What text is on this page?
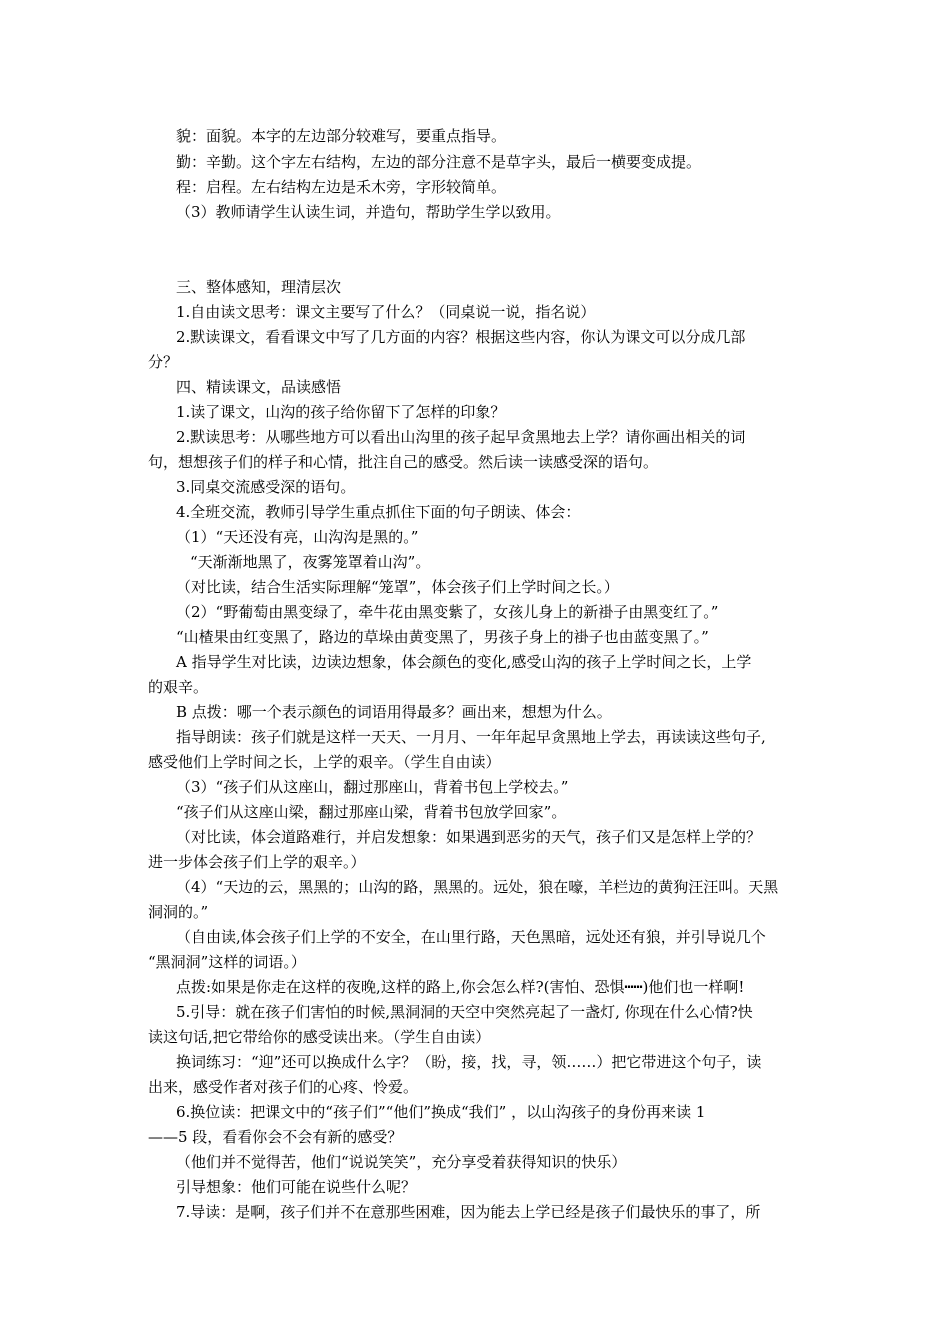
貌：面貌。本字的左边部分较难写，要重点指导。
勤：辛勤。这个字左右结构，左边的部分注意不是草字头，最后一横要变成提。
程：启程。左右结构左边是禾木旁，字形较简单。
（3）教师请学生认读生词，并造句，帮助学生学以致用。
三、整体感知，理清层次
1.自由读文思考：课文主要写了什么？（同桌说一说，指名说）
2.默读课文，看看课文中写了几方面的内容？根据这些内容，你认为课文可以分成几部
分？
四、精读课文，品读感悟
1.读了课文，山沟的孩子给你留下了怎样的印象？
2.默读思考：从哪些地方可以看出山沟里的孩子起早贪黑地去上学？请你画出相关的词
句，想想孩子们的样子和心情，批注自己的感受。然后读一读感受深的语句。
3.同桌交流感受深的语句。
4.全班交流，教师引导学生重点抓住下面的句子朗读、体会：
（1）“天还没有亮，山沟沟是黑的。”
“天渐渐地黑了，夜雾笼罩着山沟”。
（对比读，结合生活实际理解“笼罩”，体会孩子们上学时间之长。）
（2）“野葡萄由黑变绿了，牵牛花由黑变紫了，女孩儿身上的新褂子由黑变红了。”
“山楂果由红变黑了，路边的草垛由黄变黑了，男孩子身上的褂子也由蓝变黑了。”
A 指导学生对比读，边读边想象，体会颜色的变化,感受山沟的孩子上学时间之长，上学
的艰辛。
B 点拨：哪一个表示颜色的词语用得最多？画出来，想想为什么。
指导朗读：孩子们就是这样一天天、一月月、一年年起早贪黑地上学去，再读读这些句子,
感受他们上学时间之长，上学的艰辛。（学生自由读）
（3）“孩子们从这座山，翻过那座山，背着书包上学校去。”
“孩子们从这座山梁，翻过那座山梁，背着书包放学回家”。
（对比读，体会道路难行，并启发想象：如果遇到恶劣的天气，孩子们又是怎样上学的？
进一步体会孩子们上学的艰辛。）
（4）“天边的云，黑黑的；山沟的路，黑黑的。远处，狼在嚎，羊栏边的黄狗汪汪叫。天黑
洞洞的。”
（自由读,体会孩子们上学的不安全，在山里行路，天色黑暗，远处还有狼，并引导说几个
“黑洞洞”这样的词语。）
点拨:如果是你走在这样的夜晚,这样的路上,你会怎么样?(害怕、恐惧┅┅)他们也一样啊!
5.引导：就在孩子们害怕的时候,黑洞洞的天空中突然亮起了一盏灯, 你现在什么心情?快
读这句话,把它带给你的感受读出来。（学生自由读）
换词练习：“迎”还可以换成什么字？（盼，接，找，寻，领……）把它带进这个句子，读
出来，感受作者对孩子们的心疼、怜爱。
6.换位读：把课文中的“孩子们”“他们”换成“我们” ，以山沟孩子的身份再来读 1
——5 段，看看你会不会有新的感受？
（他们并不觉得苦，他们“说说笑笑”，充分享受着获得知识的快乐）
引导想象：他们可能在说些什么呢？
7.导读：是啊，孩子们并不在意那些困难，因为能去上学已经是孩子们最快乐的事了，所
